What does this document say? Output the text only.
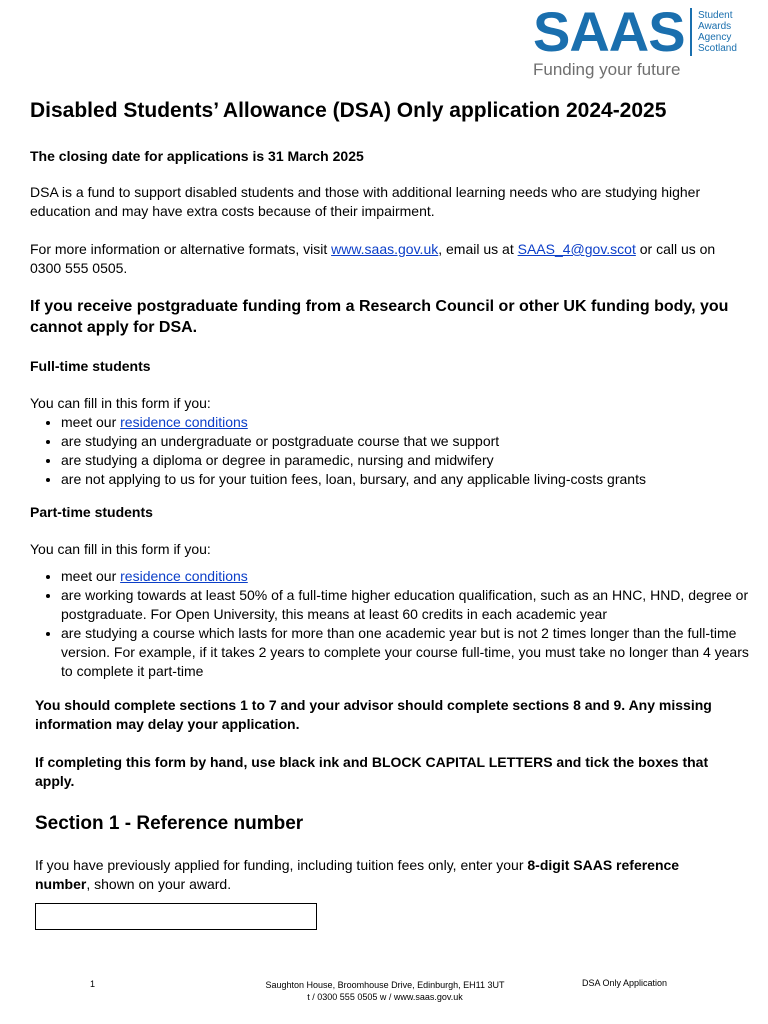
SAAS Student
Awards
Agency
Scotland
Funding your future
Disabled Students’ Allowance (DSA) Only application 2024-2025
The closing date for applications is 31 March 2025
DSA is a fund to support disabled students and those with additional learning needs who are studying higher education and may have extra costs because of their impairment.
For more information or alternative formats, visit www.saas.gov.uk, email us at SAAS_4@gov.scot or call us on 0300 555 0505.
If you receive postgraduate funding from a Research Council or other UK funding body, you cannot apply for DSA.
Full-time students
You can fill in this form if you:
• meet our residence conditions
• are studying an undergraduate or postgraduate course that we support
• are studying a diploma or degree in paramedic, nursing and midwifery
• are not applying to us for your tuition fees, loan, bursary, and any applicable living-costs grants
Part-time students
You can fill in this form if you:
• meet our residence conditions
• are working towards at least 50% of a full-time higher education qualification, such as an HNC, HND, degree or postgraduate. For Open University, this means at least 60 credits in each academic year
• are studying a course which lasts for more than one academic year but is not 2 times longer than the full-time version. For example, if it takes 2 years to complete your course full-time, you must take no longer than 4 years to complete it part-time
You should complete sections 1 to 7 and your advisor should complete sections 8 and 9. Any missing information may delay your application.
If completing this form by hand, use black ink and BLOCK CAPITAL LETTERS and tick the boxes that apply.
Section 1 - Reference number
If you have previously applied for funding, including tuition fees only, enter your 8-digit SAAS reference number, shown on your award.
1	Saughton House, Broomhouse Drive, Edinburgh, EH11 3UT
t / 0300 555 0505 w / www.saas.gov.uk
DSA Only Application
